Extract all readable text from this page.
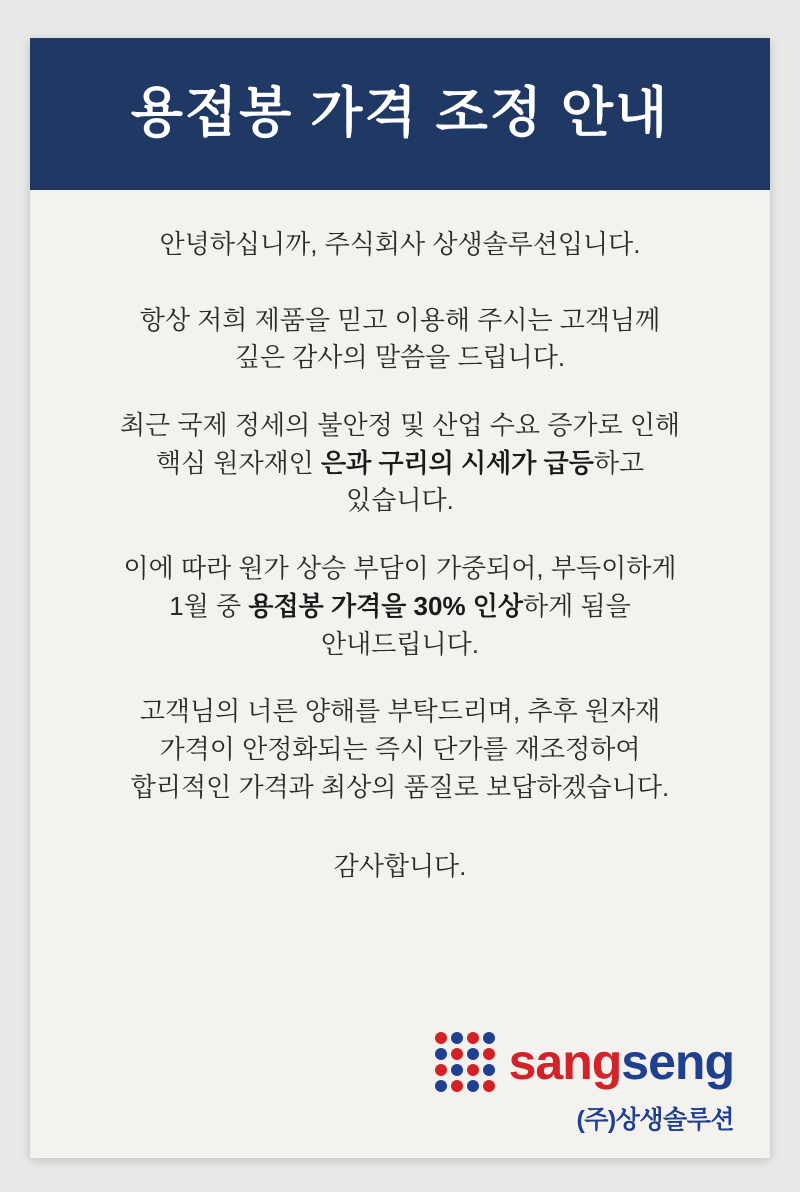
용접봉 가격 조정 안내
안녕하십니까, 주식회사 상생솔루션입니다.
항상 저희 제품을 믿고 이용해 주시는 고객님께
깊은 감사의 말씀을 드립니다.
최근 국제 정세의 불안정 및 산업 수요 증가로 인해
핵심 원자재인 은과 구리의 시세가 급등하고
있습니다.
이에 따라 원가 상승 부담이 가중되어, 부득이하게
1월 중 용접봉 가격을 30% 인상하게 됨을
안내드립니다.
고객님의 너른 양해를 부탁드리며, 추후 원자재
가격이 안정화되는 즉시 단가를 재조정하여
합리적인 가격과 최상의 품질로 보답하겠습니다.
감사합니다.
sangseng
(주)상생솔루션
